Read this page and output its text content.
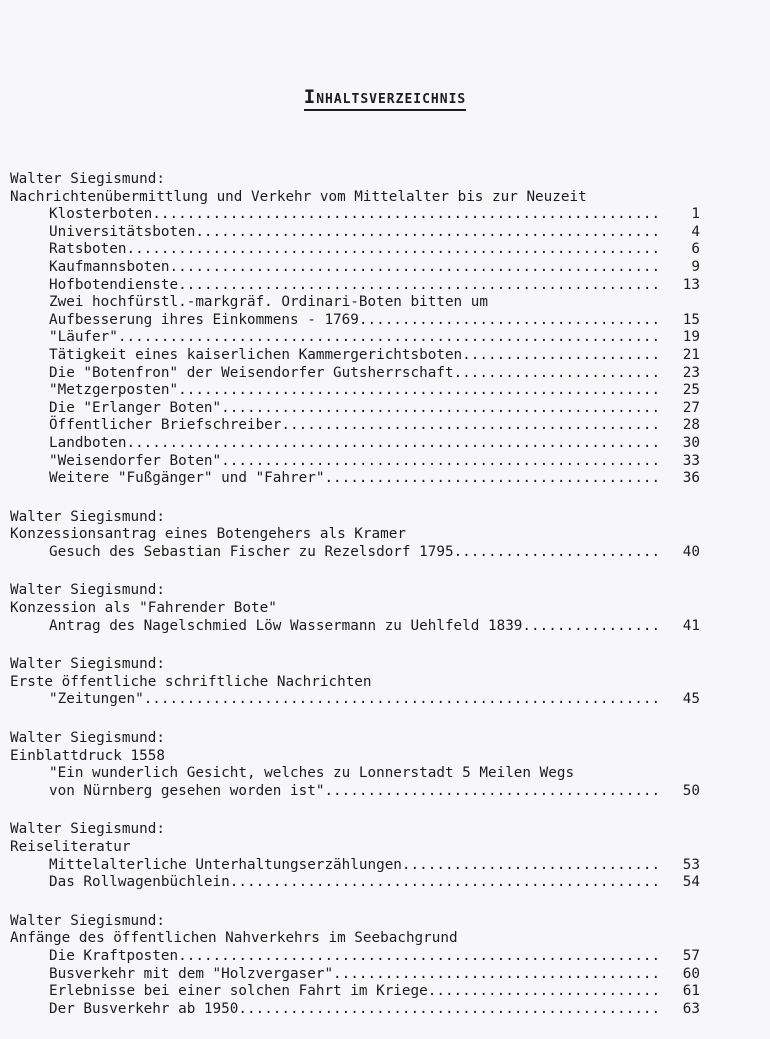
Inhaltsverzeichnis
Walter Siegismund:
Nachrichtenübermittlung und Verkehr vom Mittelalter bis zur Neuzeit
Klosterboten .....	1
Universitätsboten .....	4
Ratsboten .....	6
Kaufmannsboten .....	9
Hofbotendienste .....	13
Zwei hochfürstl.-markgräf. Ordinari-Boten bitten um
Aufbesserung ihres Einkommens - 1769 .....	15
"Läufer" .....	19
Tätigkeit eines kaiserlichen Kammergerichtsboten .....	21
Die "Botenfron" der Weisendorfer Gutsherrschaft .....	23
"Metzgerposten" .....	25
Die "Erlanger Boten" .....	27
Öffentlicher Briefschreiber .....	28
Landboten .....	30
"Weisendorfer Boten" .....	33
Weitere "Fußgänger" und "Fahrer" .....	36
Walter Siegismund:
Konzessionsantrag eines Botengehers als Kramer
Gesuch des Sebastian Fischer zu Rezelsdorf 1795 .....	40
Walter Siegismund:
Konzession als "Fahrender Bote"
Antrag des Nagelschmied Löw Wassermann zu Uehlfeld 1839 .....	41
Walter Siegismund:
Erste öffentliche schriftliche Nachrichten
"Zeitungen" .....	45
Walter Siegismund:
Einblattdruck 1558
"Ein wunderlich Gesicht, welches zu Lonnerstadt 5 Meilen Wegs
von Nürnberg gesehen worden ist" .....	50
Walter Siegismund:
Reiseliteratur
Mittelalterliche Unterhaltungserzählungen .....	53
Das Rollwagenbüchlein .....	54
Walter Siegismund:
Anfänge des öffentlichen Nahverkehrs im Seebachgrund
Die Kraftposten .....	57
Busverkehr mit dem "Holzvergaser" .....	60
Erlebnisse bei einer solchen Fahrt im Kriege .....	61
Der Busverkehr ab 1950 .....	63
